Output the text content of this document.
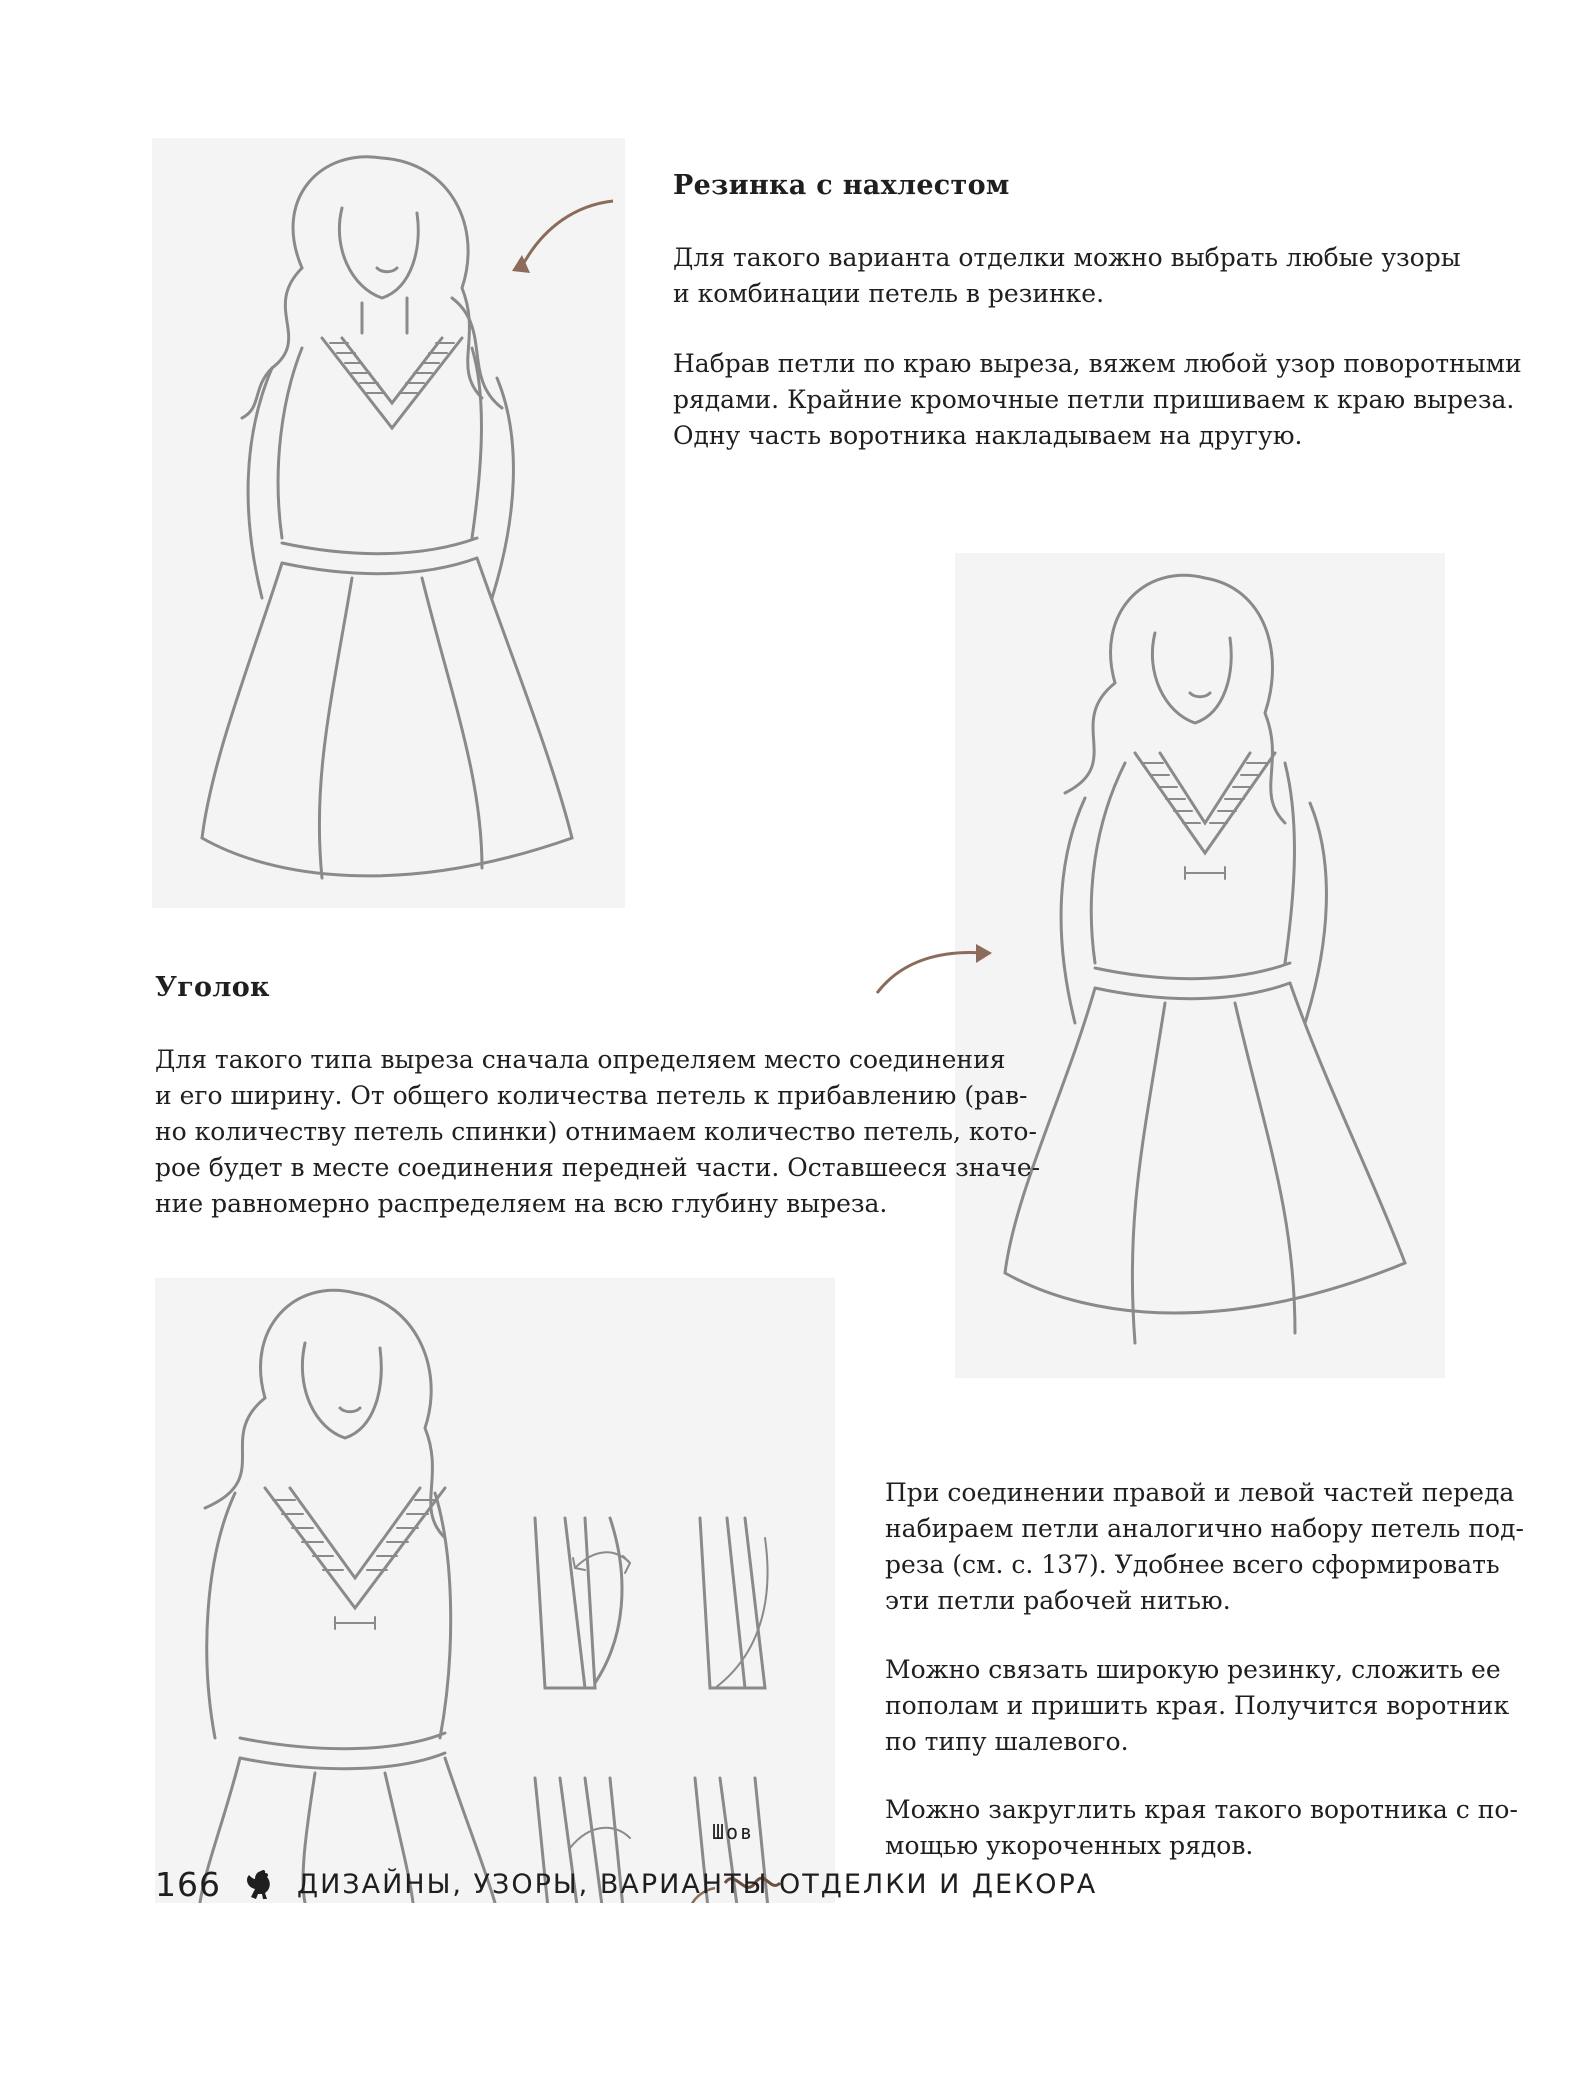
Резинка с нахлестом

Для такого варианта отделки можно выбрать любые узоры
и комбинации петель в резинке.

Набрав петли по краю выреза, вяжем любой узор поворотными
рядами. Крайние кромочные петли пришиваем к краю выреза.
Одну часть воротника накладываем на другую.

Уголок

Для такого типа выреза сначала определяем место соединения
и его ширину. От общего количества петель к прибавлению (рав-
но количеству петель спинки) отнимаем количество петель, кото-
рое будет в месте соединения передней части. Оставшееся значе-
ние равномерно распределяем на всю глубину выреза.

Шов

При соединении правой и левой частей переда
набираем петли аналогично набору петель под-
реза (см. с. 137). Удобнее всего сформировать
эти петли рабочей нитью.

Можно связать широкую резинку, сложить ее
пополам и пришить края. Получится воротник
по типу шалевого.

Можно закруглить края такого воротника с по-
мощью укороченных рядов.

166	ДИЗАЙНЫ, УЗОРЫ, ВАРИАНТЫ ОТДЕЛКИ И ДЕКОРА
